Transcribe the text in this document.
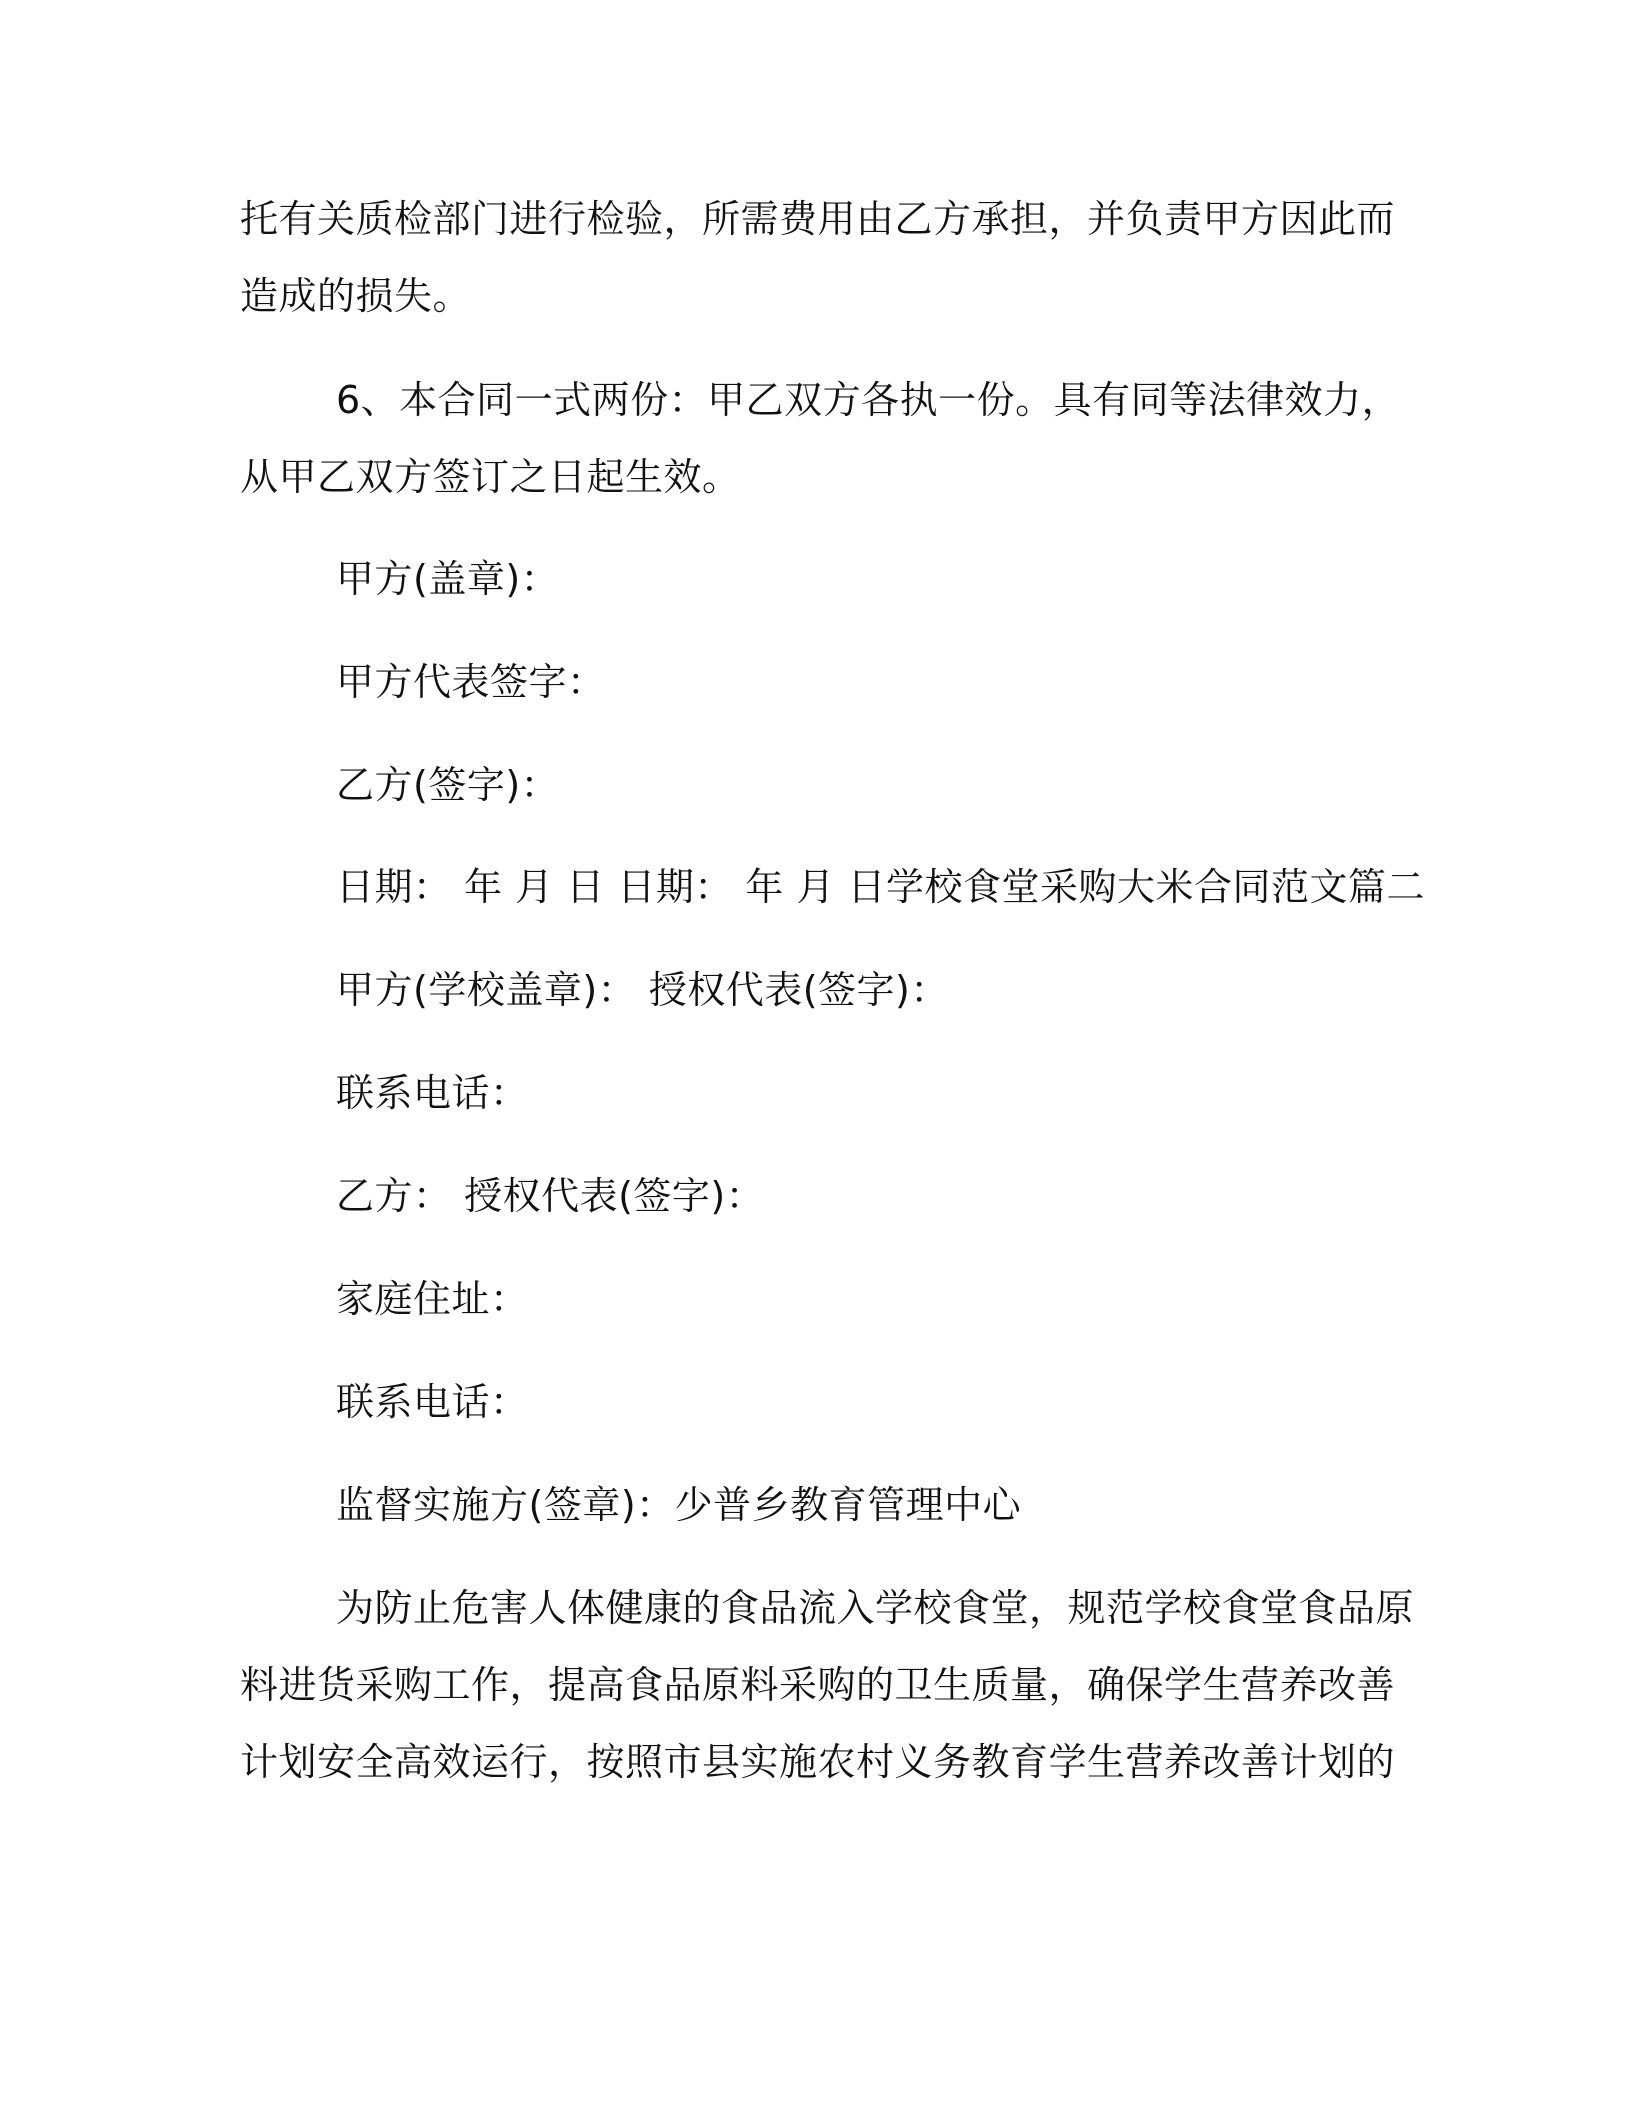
托有关质检部门进行检验，所需费用由乙方承担，并负责甲方因此而
造成的损失。
6、本合同一式两份：甲乙双方各执一份。具有同等法律效力，
从甲乙双方签订之日起生效。
甲方(盖章)：
甲方代表签字：
乙方(签字)：
日期： 年 月 日 日期： 年 月 日学校食堂采购大米合同范文篇二
甲方(学校盖章)： 授权代表(签字)：
联系电话：
乙方： 授权代表(签字)：
家庭住址：
联系电话：
监督实施方(签章)：少普乡教育管理中心
为防止危害人体健康的食品流入学校食堂，规范学校食堂食品原
料进货采购工作，提高食品原料采购的卫生质量，确保学生营养改善
计划安全高效运行，按照市县实施农村义务教育学生营养改善计划的
